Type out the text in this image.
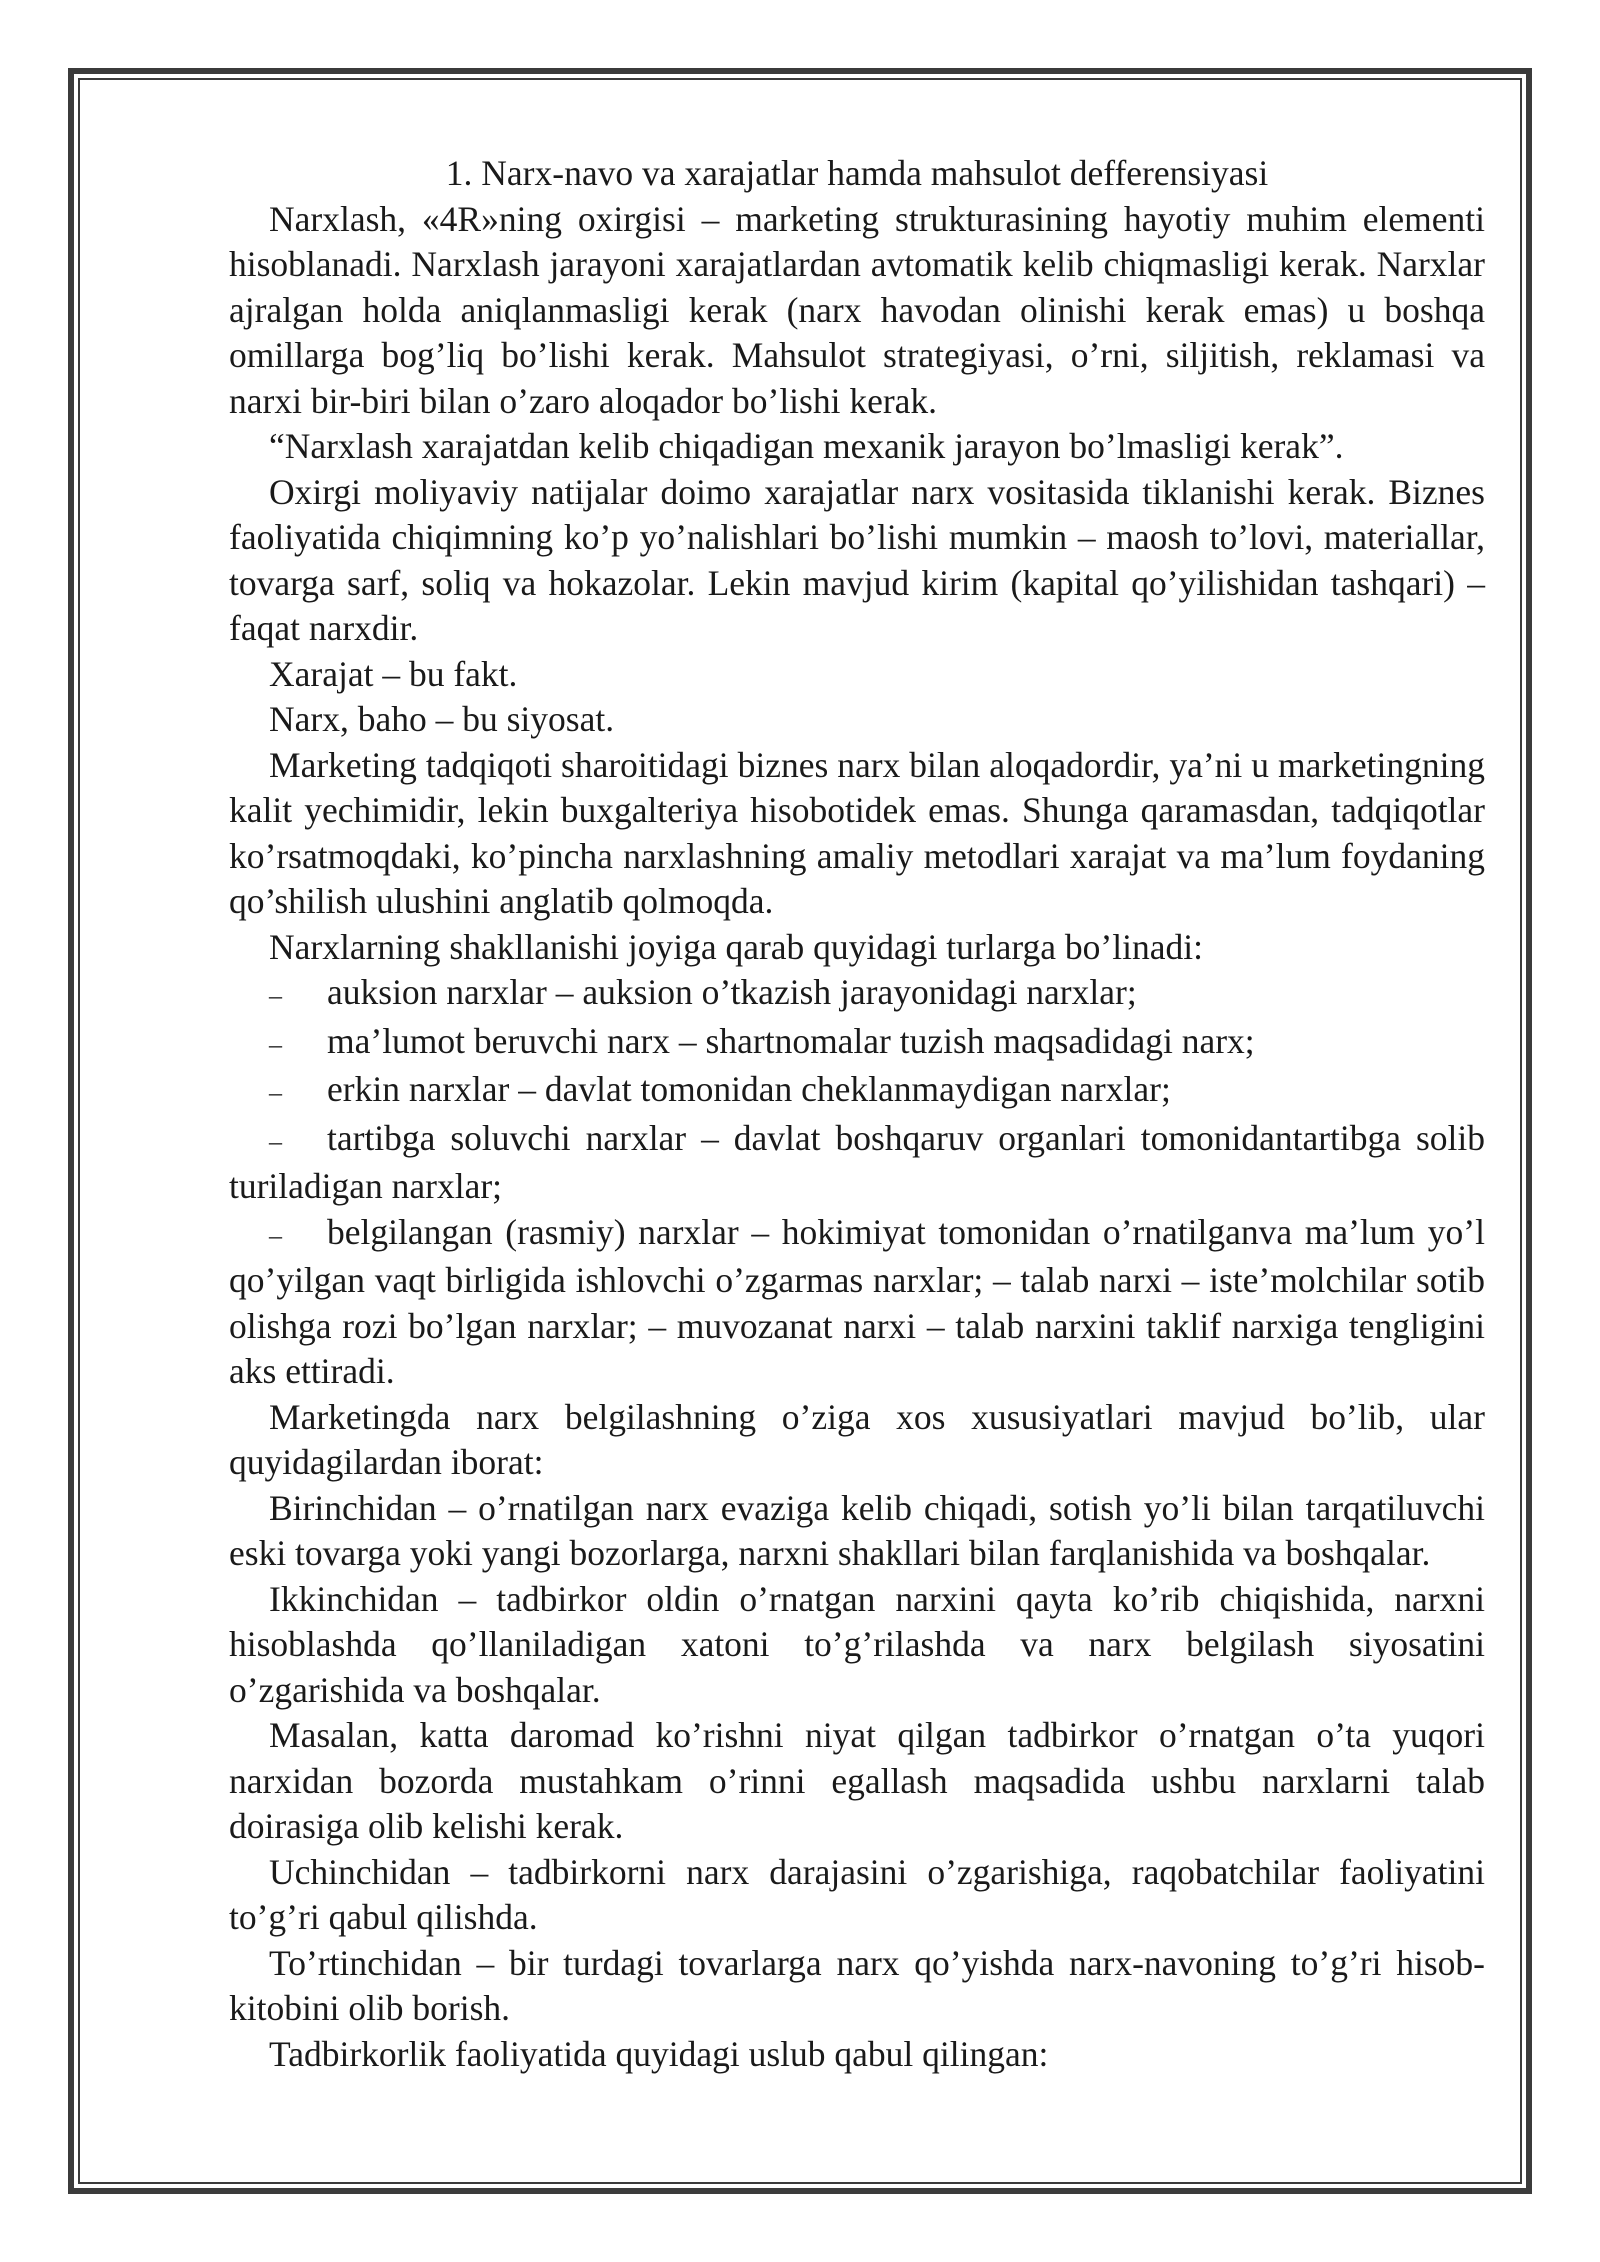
1. Narx-navo va xarajatlar hamda mahsulot defferensiyasi

Narxlash, «4R»ning oxirgisi – marketing strukturasining hayotiy muhim elementi hisoblanadi. Narxlash jarayoni xarajatlardan avtomatik kelib chiqmasligi kerak. Narxlar ajralgan holda aniqlanmasligi kerak (narx havodan olinishi kerak emas) u boshqa omillarga bog’liq bo’lishi kerak. Mahsulot strategiyasi, o’rni, siljitish, reklamasi va narxi bir-biri bilan o’zaro aloqador bo’lishi kerak.

“Narxlash xarajatdan kelib chiqadigan mexanik jarayon bo’lmasligi kerak”.

Oxirgi moliyaviy natijalar doimo xarajatlar narx vositasida tiklanishi kerak. Biznes faoliyatida chiqimning ko’p yo’nalishlari bo’lishi mumkin – maosh to’lovi, materiallar, tovarga sarf, soliq va hokazolar. Lekin mavjud kirim (kapital qo’yilishidan tashqari) – faqat narxdir.

Xarajat – bu fakt.

Narx, baho – bu siyosat.

Marketing tadqiqoti sharoitidagi biznes narx bilan aloqadordir, ya’ni u marketingning kalit yechimidir, lekin buxgalteriya hisobotidek emas. Shunga qaramasdan, tadqiqotlar ko’rsatmoqdaki, ko’pincha narxlashning amaliy metodlari xarajat va ma’lum foydaning qo’shilish ulushini anglatib qolmoqda.

Narxlarning shakllanishi joyiga qarab quyidagi turlarga bo’linadi:

– auksion narxlar – auksion o’tkazish jarayonidagi narxlar;

– ma’lumot beruvchi narx – shartnomalar tuzish maqsadidagi narx;

– erkin narxlar – davlat tomonidan cheklanmaydigan narxlar;

– tartibga soluvchi narxlar – davlat boshqaruv organlari tomonidantartibga solib turiladigan narxlar;

– belgilangan (rasmiy) narxlar – hokimiyat tomonidan o’rnatilganva ma’lum yo’l qo’yilgan vaqt birligida ishlovchi o’zgarmas narxlar; – talab narxi – iste’molchilar sotib olishga rozi bo’lgan narxlar; – muvozanat narxi – talab narxini taklif narxiga tengligini aks ettiradi.

Marketingda narx belgilashning o’ziga xos xususiyatlari mavjud bo’lib, ular quyidagilardan iborat:

Birinchidan – o’rnatilgan narx evaziga kelib chiqadi, sotish yo’li bilan tarqatiluvchi eski tovarga yoki yangi bozorlarga, narxni shakllari bilan farqlanishida va boshqalar.

Ikkinchidan – tadbirkor oldin o’rnatgan narxini qayta ko’rib chiqishida, narxni hisoblashda qo’llaniladigan xatoni to’g’rilashda va narx belgilash siyosatini o’zgarishida va boshqalar.

Masalan, katta daromad ko’rishni niyat qilgan tadbirkor o’rnatgan o’ta yuqori narxidan bozorda mustahkam o’rinni egallash maqsadida ushbu narxlarni talab doirasiga olib kelishi kerak.

Uchinchidan – tadbirkorni narx darajasini o’zgarishiga, raqobatchilar faoliyatini to’g’ri qabul qilishda.

To’rtinchidan – bir turdagi tovarlarga narx qo’yishda narx-navoning to’g’ri hisob-kitobini olib borish.

Tadbirkorlik faoliyatida quyidagi uslub qabul qilingan:
